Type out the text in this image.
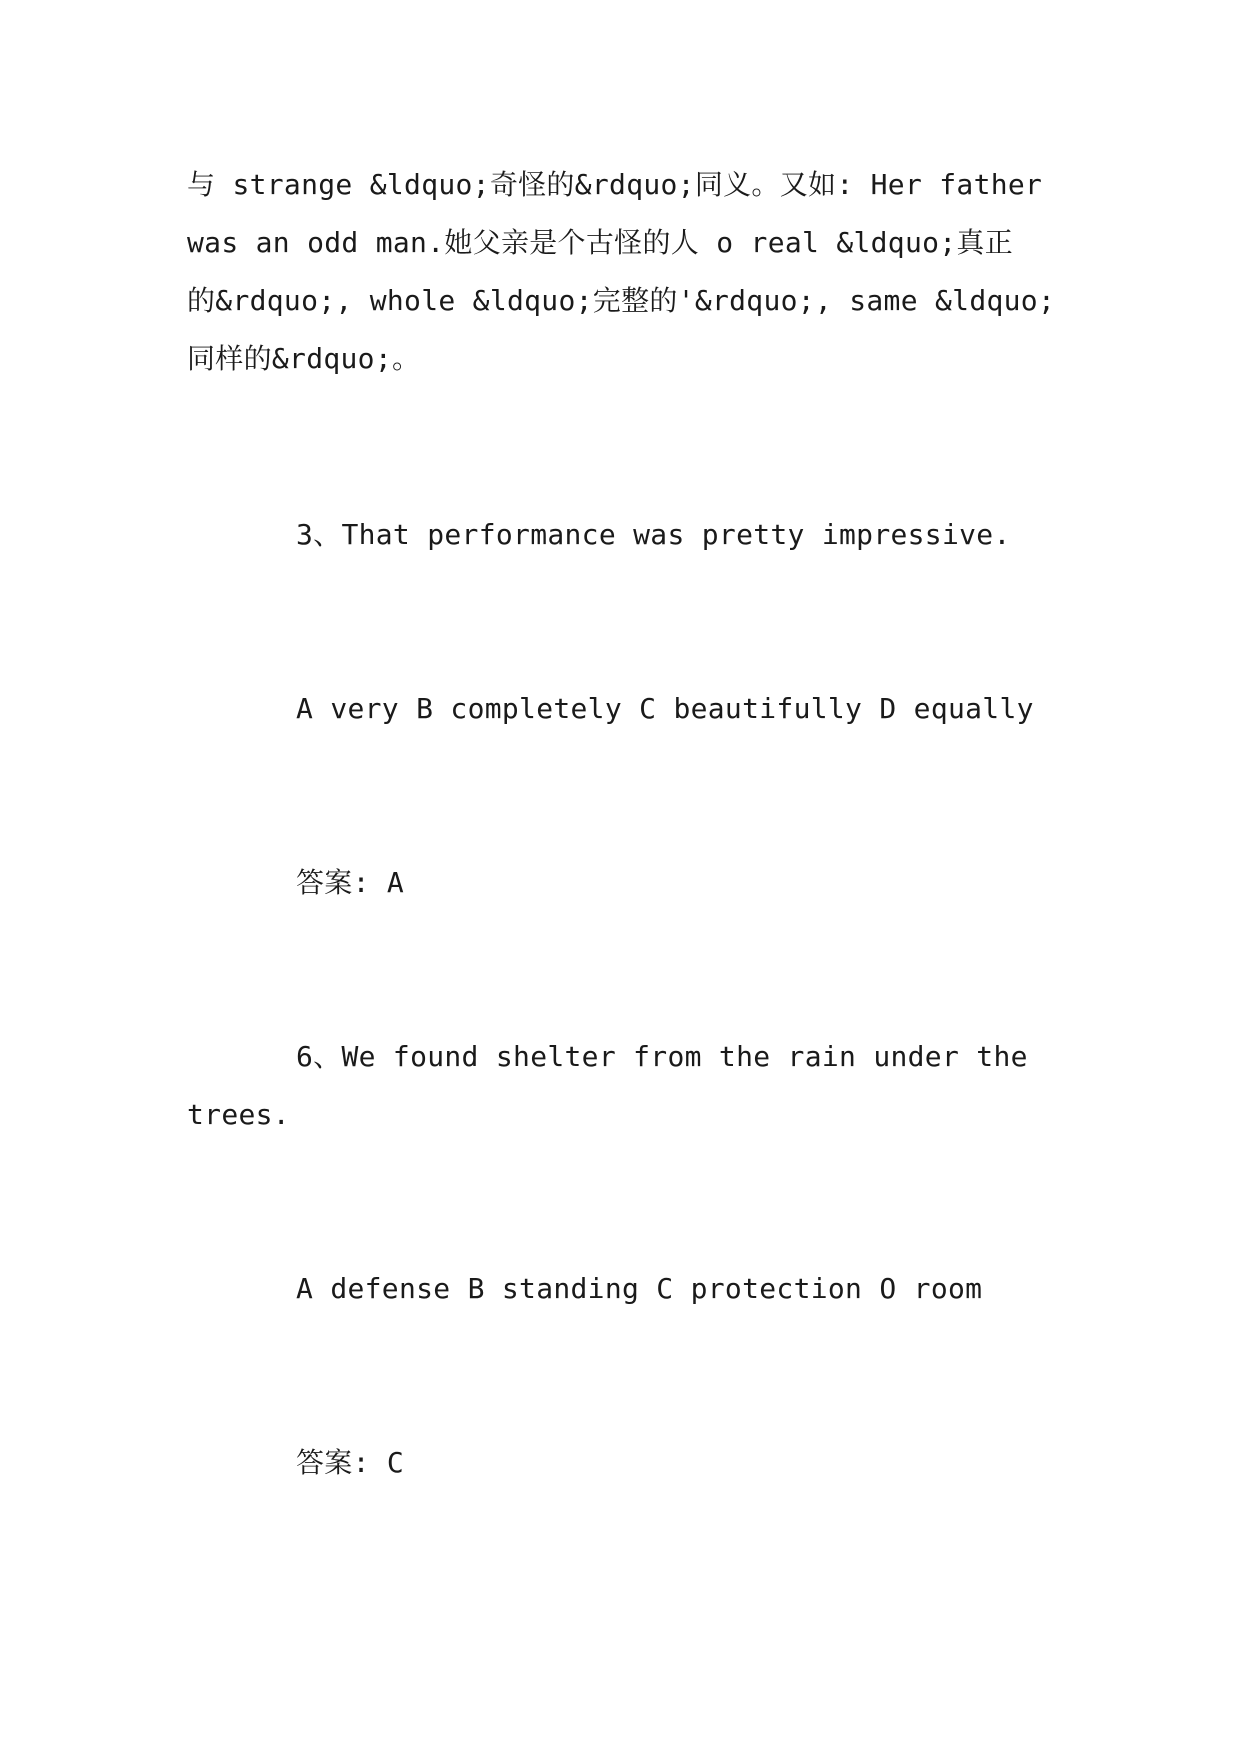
与 strange &ldquo;奇怪的&rdquo;同义。又如: Her father
was an odd man.她父亲是个古怪的人 o real &ldquo;真正
的&rdquo;, whole &ldquo;完整的'&rdquo;, same &ldquo;
同样的&rdquo;。
3、That performance was pretty impressive.
A very B completely C beautifully D equally
答案: A
6、We found shelter from the rain under the
trees.
A defense B standing C protection O room
答案: C
